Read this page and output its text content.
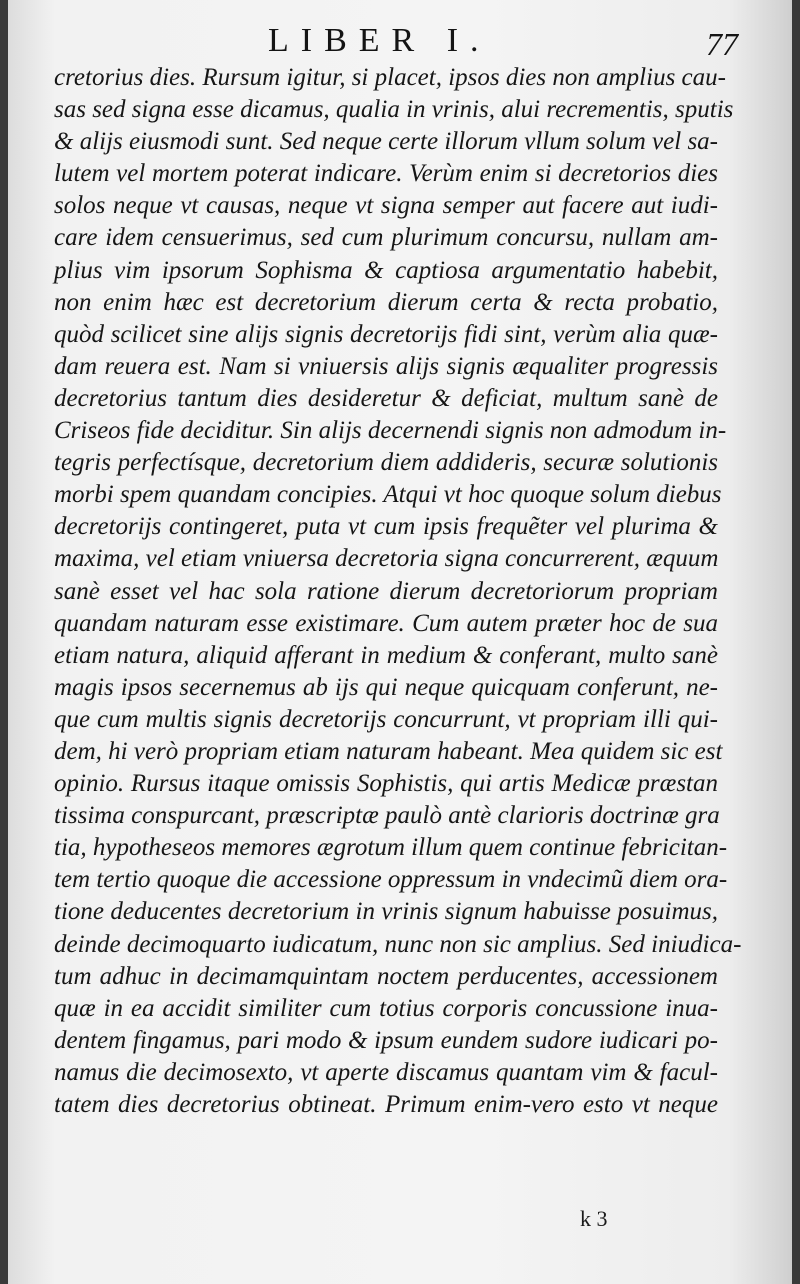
LIBER I.	77
cretorius dies. Rursum igitur, si placet, ipsos dies non amplius cau-
sas sed signa esse dicamus, qualia in vrinis, alui recrementis, sputis
& alijs eiusmodi sunt. Sed neque certe illorum vllum solum vel sa-
lutem vel mortem poterat indicare. Verùm enim si decretorios dies
solos neque vt causas, neque vt signa semper aut facere aut iudi-
care idem censuerimus, sed cum plurimum concursu, nullam am-
plius vim ipsorum Sophisma & captiosa argumentatio habebit,
non enim hæc est decretorium dierum certa & recta probatio,
quòd scilicet sine alijs signis decretorijs fidi sint, verùm alia quæ-
dam reuera est. Nam si vniuersis alijs signis æqualiter progressis
decretorius tantum dies desideretur & deficiat, multum sanè de
Criseos fide deciditur. Sin alijs decernendi signis non admodum in-
tegris perfectísque, decretorium diem addideris, securæ solutionis
morbi spem quandam concipies. Atqui vt hoc quoque solum diebus
decretorijs contingeret, puta vt cum ipsis frequẽter vel plurima &
maxima, vel etiam vniuersa decretoria signa concurrerent, æquum
sanè esset vel hac sola ratione dierum decretoriorum propriam
quandam naturam esse existimare. Cum autem præter hoc de sua
etiam natura, aliquid afferant in medium & conferant, multo sanè
magis ipsos secernemus ab ijs qui neque quicquam conferunt, ne-
que cum multis signis decretorijs concurrunt, vt propriam illi qui-
dem, hi verò propriam etiam naturam habeant. Mea quidem sic est
opinio. Rursus itaque omissis Sophistis, qui artis Medicæ præstan
tissima conspurcant, præscriptæ paulò antè clarioris doctrinæ gra
tia, hypotheseos memores ægrotum illum quem continue febricitan-
tem tertio quoque die accessione oppressum in vndecimũ diem ora-
tione deducentes decretorium in vrinis signum habuisse posuimus,
deinde decimoquarto iudicatum, nunc non sic amplius. Sed iniudica-
tum adhuc in decimamquintam noctem perducentes, accessionem
quæ in ea accidit similiter cum totius corporis concussione inua-
dentem fingamus, pari modo & ipsum eundem sudore iudicari po-
namus die decimosexto, vt aperte discamus quantam vim & facul-
tatem dies decretorius obtineat. Primum enim-vero esto vt neque
k 3
